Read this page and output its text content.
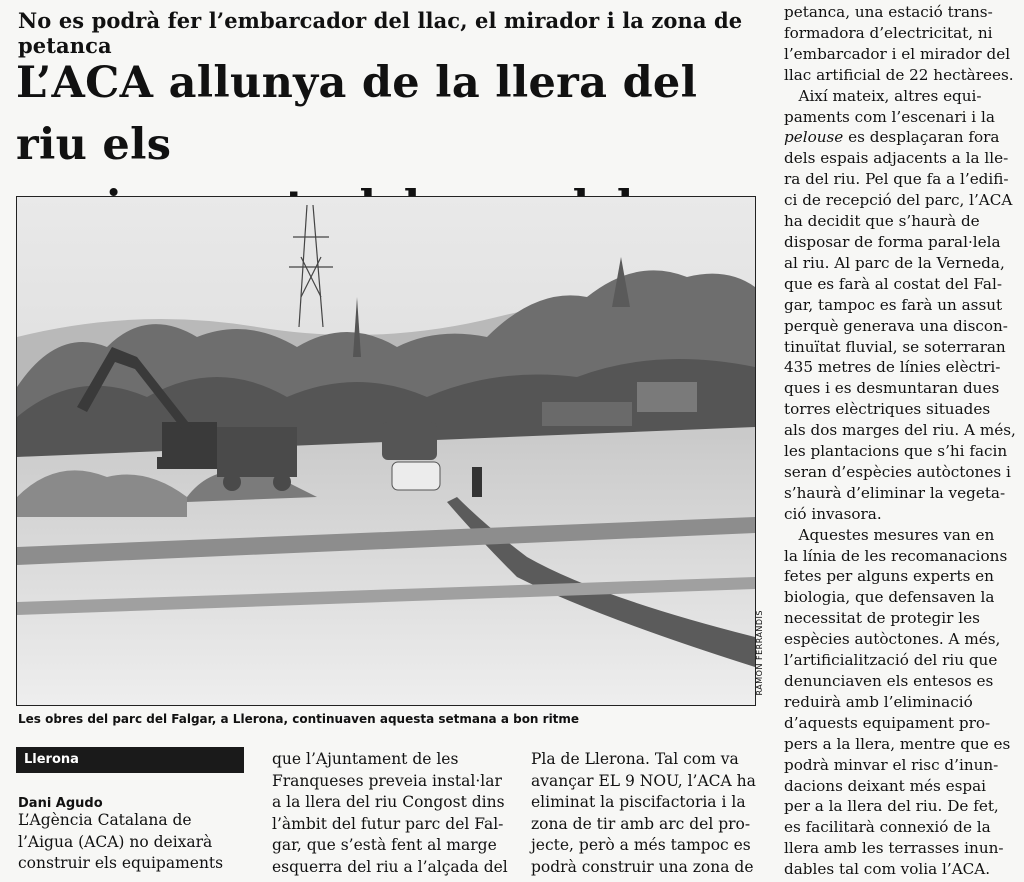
No es podrà fer l’embarcador del llac, el mirador i la zona de petanca
L’ACA allunya de la llera del riu els
RAMON FERRANDIS
Les obres del parc del Falgar, a Llerona, continuaven aquesta setmana a bon ritme
Llerona
Dani Agudo
L’Agència Catalana de
l’Aigua (ACA) no deixarà
construir els equipaments
que l’Ajuntament de les
Franqueses preveia instal·lar
a la llera del riu Congost dins
l’àmbit del futur parc del Fal-
gar, que s’està fent al marge
esquerra del riu a l’alçada del
Pla de Llerona. Tal com va
avançar EL 9 NOU, l’ACA ha
eliminat la piscifactoria i la
zona de tir amb arc del pro-
jecte, però a més tampoc es
podrà construir una zona de
petanca, una estació trans-
formadora d’electricitat, ni
l’embarcador i el mirador del
llac artificial de 22 hectàrees.
Així mateix, altres equi-
paments com l’escenari i la
pelouse es desplaçaran fora
dels espais adjacents a la lle-
ra del riu. Pel que fa a l’edifi-
ci de recepció del parc, l’ACA
ha decidit que s’haurà de
disposar de forma paral·lela
al riu. Al parc de la Verneda,
que es farà al costat del Fal-
gar, tampoc es farà un assut
perquè generava una discon-
tinuïtat fluvial, se soterraran
435 metres de línies elèctri-
ques i es desmuntaran dues
torres elèctriques situades
als dos marges del riu. A més,
les plantacions que s’hi facin
seran d’espècies autòctones i
s’haurà d’eliminar la vegeta-
ció invasora.
Aquestes mesures van en
la línia de les recomanacions
fetes per alguns experts en
biologia, que defensaven la
necessitat de protegir les
espècies autòctones. A més,
l’artificialització del riu que
denunciaven els entesos es
reduirà amb l’eliminació
d’aquests equipament pro-
pers a la llera, mentre que es
podrà minvar el risc d’inun-
dacions deixant més espai
per a la llera del riu. De fet,
es facilitarà connexió de la
llera amb les terrasses inun-
dables tal com volia l’ACA.
